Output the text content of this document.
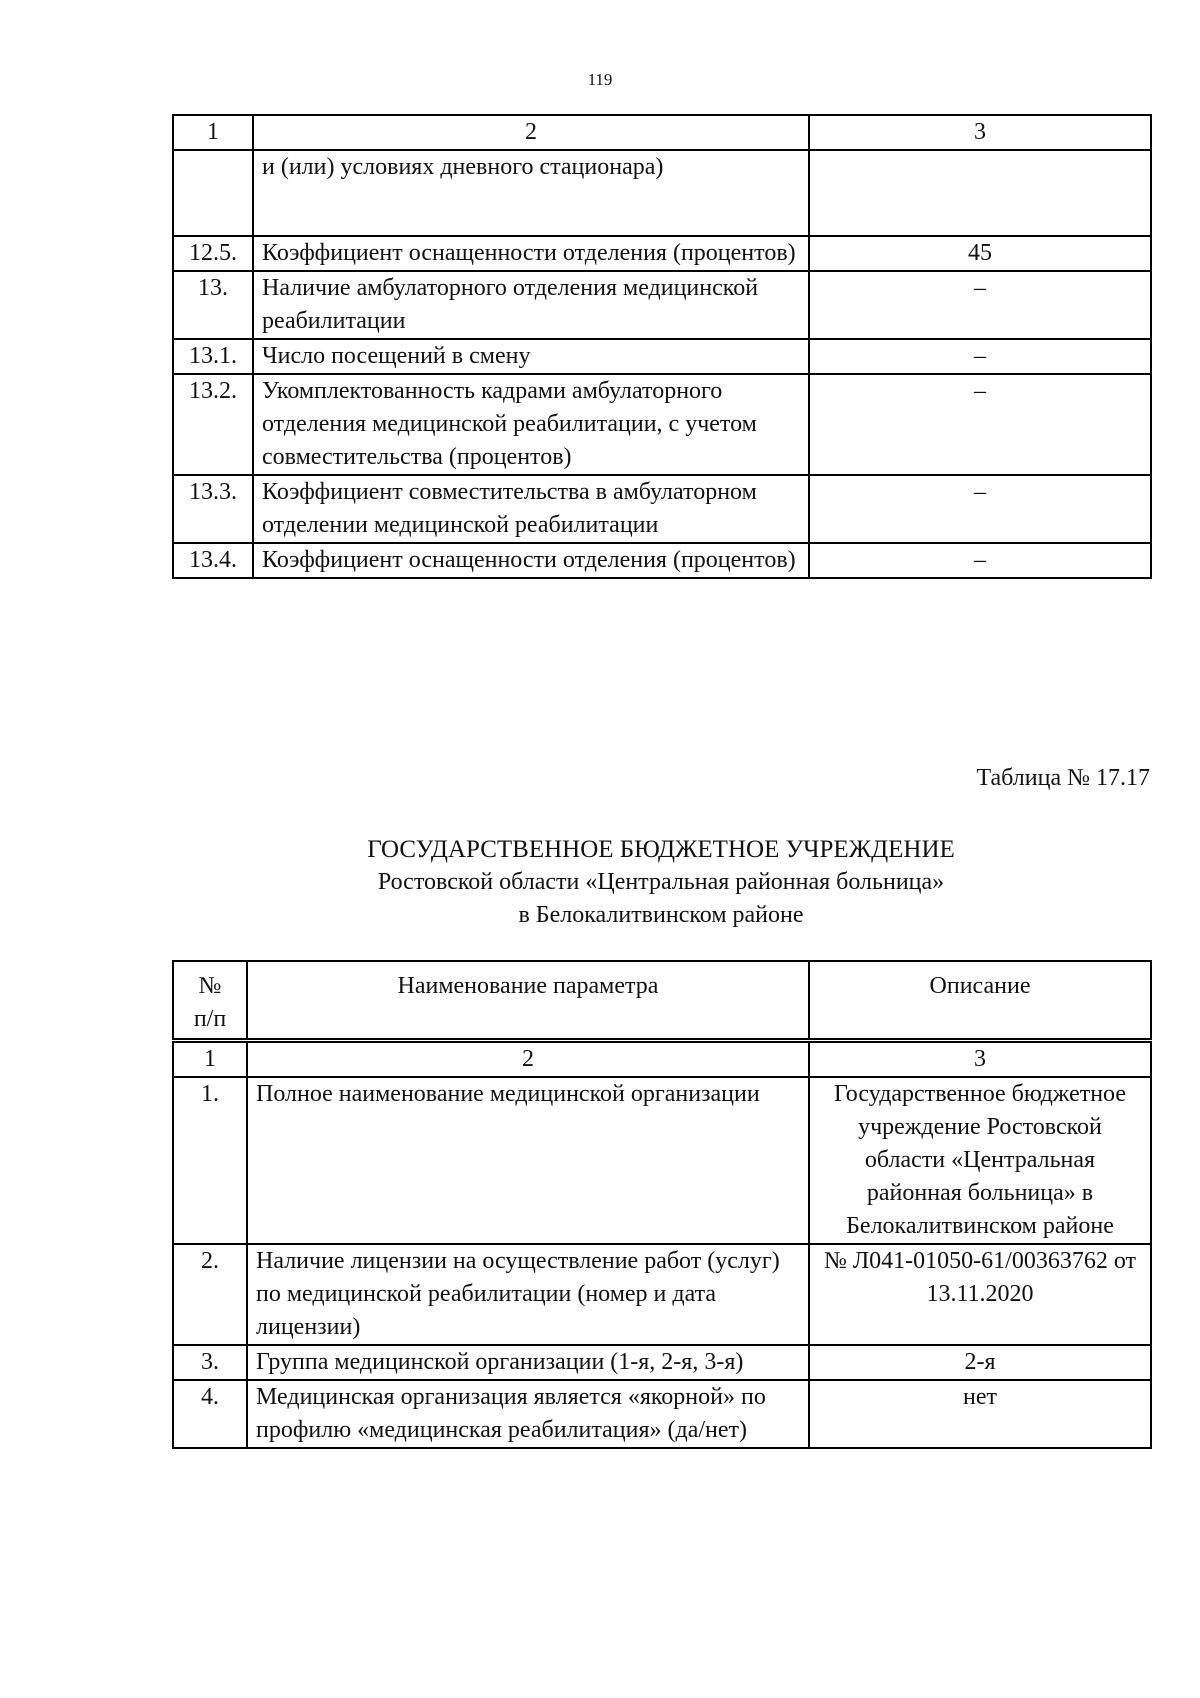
119
1	2	3
	и (или) условиях дневного стационара)	
12.5.	Коэффициент оснащенности отделения (процентов)	45
13.	Наличие амбулаторного отделения медицинской реабилитации	–
13.1.	Число посещений в смену	–
13.2.	Укомплектованность кадрами амбулаторного отделения медицинской реабилитации, с учетом совместительства (процентов)	–
13.3.	Коэффициент совместительства в амбулаторном отделении медицинской реабилитации	–
13.4.	Коэффициент оснащенности отделения (процентов)	–
Таблица № 17.17
ГОСУДАРСТВЕННОЕ БЮДЖЕТНОЕ УЧРЕЖДЕНИЕ
Ростовской области «Центральная районная больница»
в Белокалитвинском районе
№
п/п	Наименование параметра	Описание
1	2	3
1.	Полное наименование медицинской организации	Государственное бюджетное учреждение Ростовской области «Центральная районная больница» в Белокалитвинском районе
2.	Наличие лицензии на осуществление работ (услуг) по медицинской реабилитации (номер и дата лицензии)	№ Л041-01050-61/00363762 от 13.11.2020
3.	Группа медицинской организации (1-я, 2-я, 3-я)	2-я
4.	Медицинская организация является «якорной» по профилю «медицинская реабилитация» (да/нет)	нет
